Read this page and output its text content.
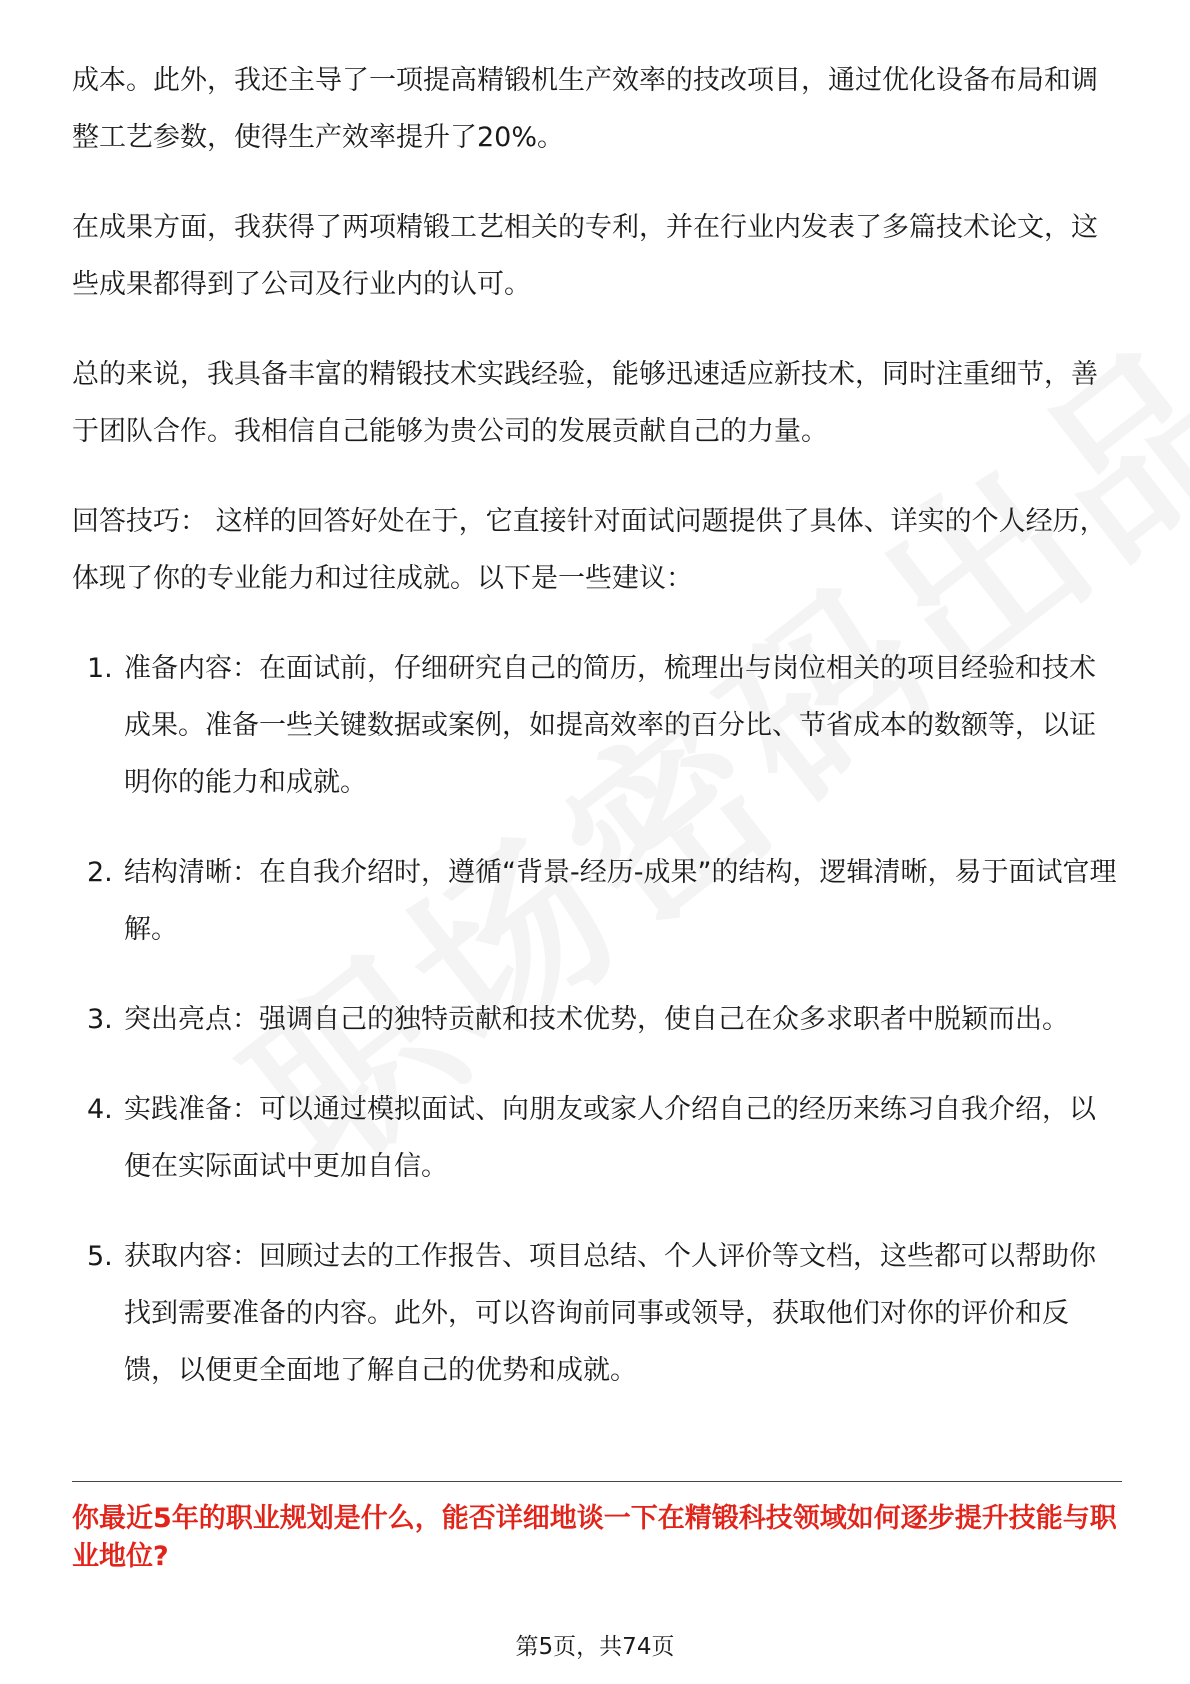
成本。此外，我还主导了一项提高精锻机生产效率的技改项目，通过优化设备布局和调整工艺参数，使得生产效率提升了20%。

在成果方面，我获得了两项精锻工艺相关的专利，并在行业内发表了多篇技术论文，这些成果都得到了公司及行业内的认可。

总的来说，我具备丰富的精锻技术实践经验，能够迅速适应新技术，同时注重细节，善于团队合作。我相信自己能够为贵公司的发展贡献自己的力量。

回答技巧： 这样的回答好处在于，它直接针对面试问题提供了具体、详实的个人经历，体现了你的专业能力和过往成就。以下是一些建议：

1. 准备内容：在面试前，仔细研究自己的简历，梳理出与岗位相关的项目经验和技术成果。准备一些关键数据或案例，如提高效率的百分比、节省成本的数额等，以证明你的能力和成就。
2. 结构清晰：在自我介绍时，遵循“背景-经历-成果”的结构，逻辑清晰，易于面试官理解。
3. 突出亮点：强调自己的独特贡献和技术优势，使自己在众多求职者中脱颖而出。
4. 实践准备：可以通过模拟面试、向朋友或家人介绍自己的经历来练习自我介绍，以便在实际面试中更加自信。
5. 获取内容：回顾过去的工作报告、项目总结、个人评价等文档，这些都可以帮助你找到需要准备的内容。此外，可以咨询前同事或领导，获取他们对你的评价和反馈，以便更全面地了解自己的优势和成就。

你最近5年的职业规划是什么，能否详细地谈一下在精锻科技领域如何逐步提升技能与职业地位?

第5页，共74页
